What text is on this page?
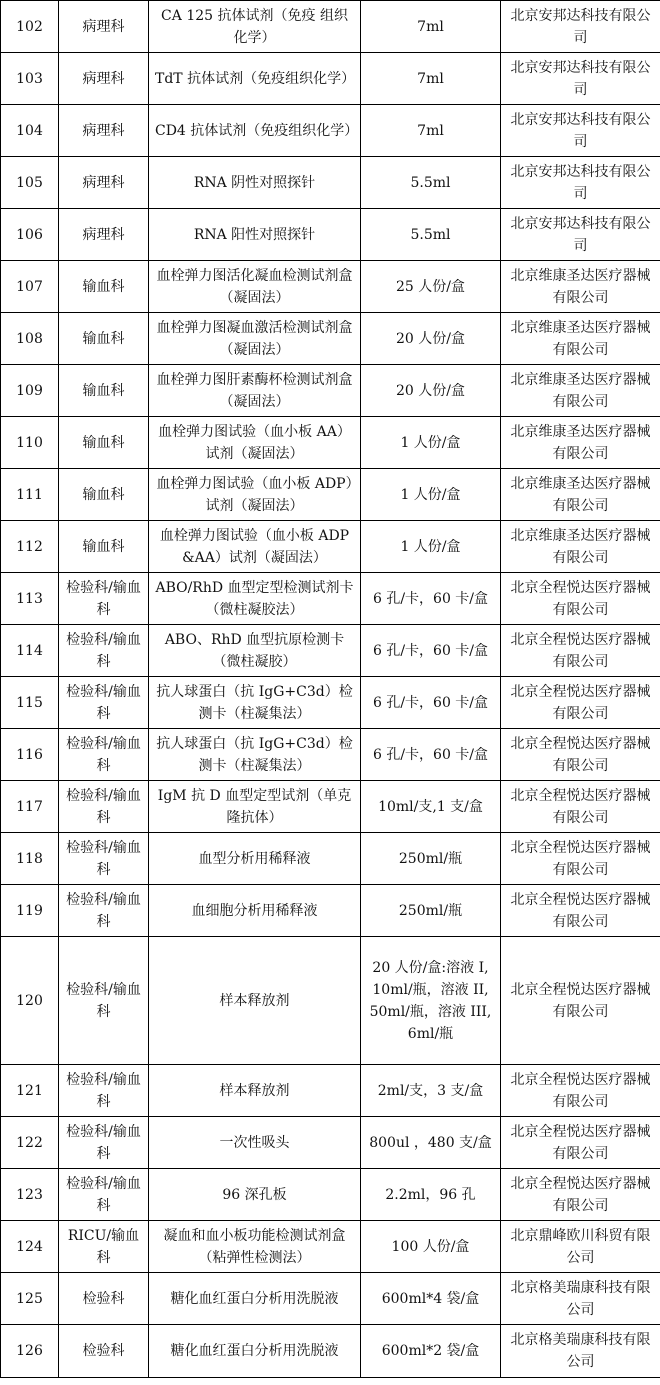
102	病理科	CA 125 抗体试剂（免疫 组织化学）	7ml	北京安邦达科技有限公司
103	病理科	TdT 抗体试剂（免疫组织化学）	7ml	北京安邦达科技有限公司
104	病理科	CD4 抗体试剂（免疫组织化学）	7ml	北京安邦达科技有限公司
105	病理科	RNA 阴性对照探针	5.5ml	北京安邦达科技有限公司
106	病理科	RNA 阳性对照探针	5.5ml	北京安邦达科技有限公司
107	输血科	血栓弹力图活化凝血检测试剂盒（凝固法）	25 人份/盒	北京维康圣达医疗器械有限公司
108	输血科	血栓弹力图凝血激活检测试剂盒（凝固法）	20 人份/盒	北京维康圣达医疗器械有限公司
109	输血科	血栓弹力图肝素酶杯检测试剂盒（凝固法）	20 人份/盒	北京维康圣达医疗器械有限公司
110	输血科	血栓弹力图试验（血小板 AA）试剂（凝固法）	1 人份/盒	北京维康圣达医疗器械有限公司
111	输血科	血栓弹力图试验（血小板 ADP）试剂（凝固法）	1 人份/盒	北京维康圣达医疗器械有限公司
112	输血科	血栓弹力图试验（血小板 ADP&AA）试剂（凝固法）	1 人份/盒	北京维康圣达医疗器械有限公司
113	检验科/输血科	ABO/RhD 血型定型检测试剂卡（微柱凝胶法）	6 孔/卡，60 卡/盒	北京全程悦达医疗器械有限公司
114	检验科/输血科	ABO、RhD 血型抗原检测卡（微柱凝胶）	6 孔/卡，60 卡/盒	北京全程悦达医疗器械有限公司
115	检验科/输血科	抗人球蛋白（抗 IgG+C3d）检测卡（柱凝集法）	6 孔/卡，60 卡/盒	北京全程悦达医疗器械有限公司
116	检验科/输血科	抗人球蛋白（抗 IgG+C3d）检测卡（柱凝集法）	6 孔/卡，60 卡/盒	北京全程悦达医疗器械有限公司
117	检验科/输血科	IgM 抗 D 血型定型试剂（单克隆抗体）	10ml/支,1 支/盒	北京全程悦达医疗器械有限公司
118	检验科/输血科	血型分析用稀释液	250ml/瓶	北京全程悦达医疗器械有限公司
119	检验科/输血科	血细胞分析用稀释液	250ml/瓶	北京全程悦达医疗器械有限公司
120	检验科/输血科	样本释放剂	20 人份/盒:溶液 I, 10ml/瓶，溶液 II, 50ml/瓶，溶液 III, 6ml/瓶	北京全程悦达医疗器械有限公司
121	检验科/输血科	样本释放剂	2ml/支，3 支/盒	北京全程悦达医疗器械有限公司
122	检验科/输血科	一次性吸头	800ul ，480 支/盒	北京全程悦达医疗器械有限公司
123	检验科/输血科	96 深孔板	2.2ml，96 孔	北京全程悦达医疗器械有限公司
124	RICU/输血科	凝血和血小板功能检测试剂盒（粘弹性检测法）	100 人份/盒	北京鼎峰欧川科贸有限公司
125	检验科	糖化血红蛋白分析用洗脱液	600ml*4 袋/盒	北京格美瑞康科技有限公司
126	检验科	糖化血红蛋白分析用洗脱液	600ml*2 袋/盒	北京格美瑞康科技有限公司
